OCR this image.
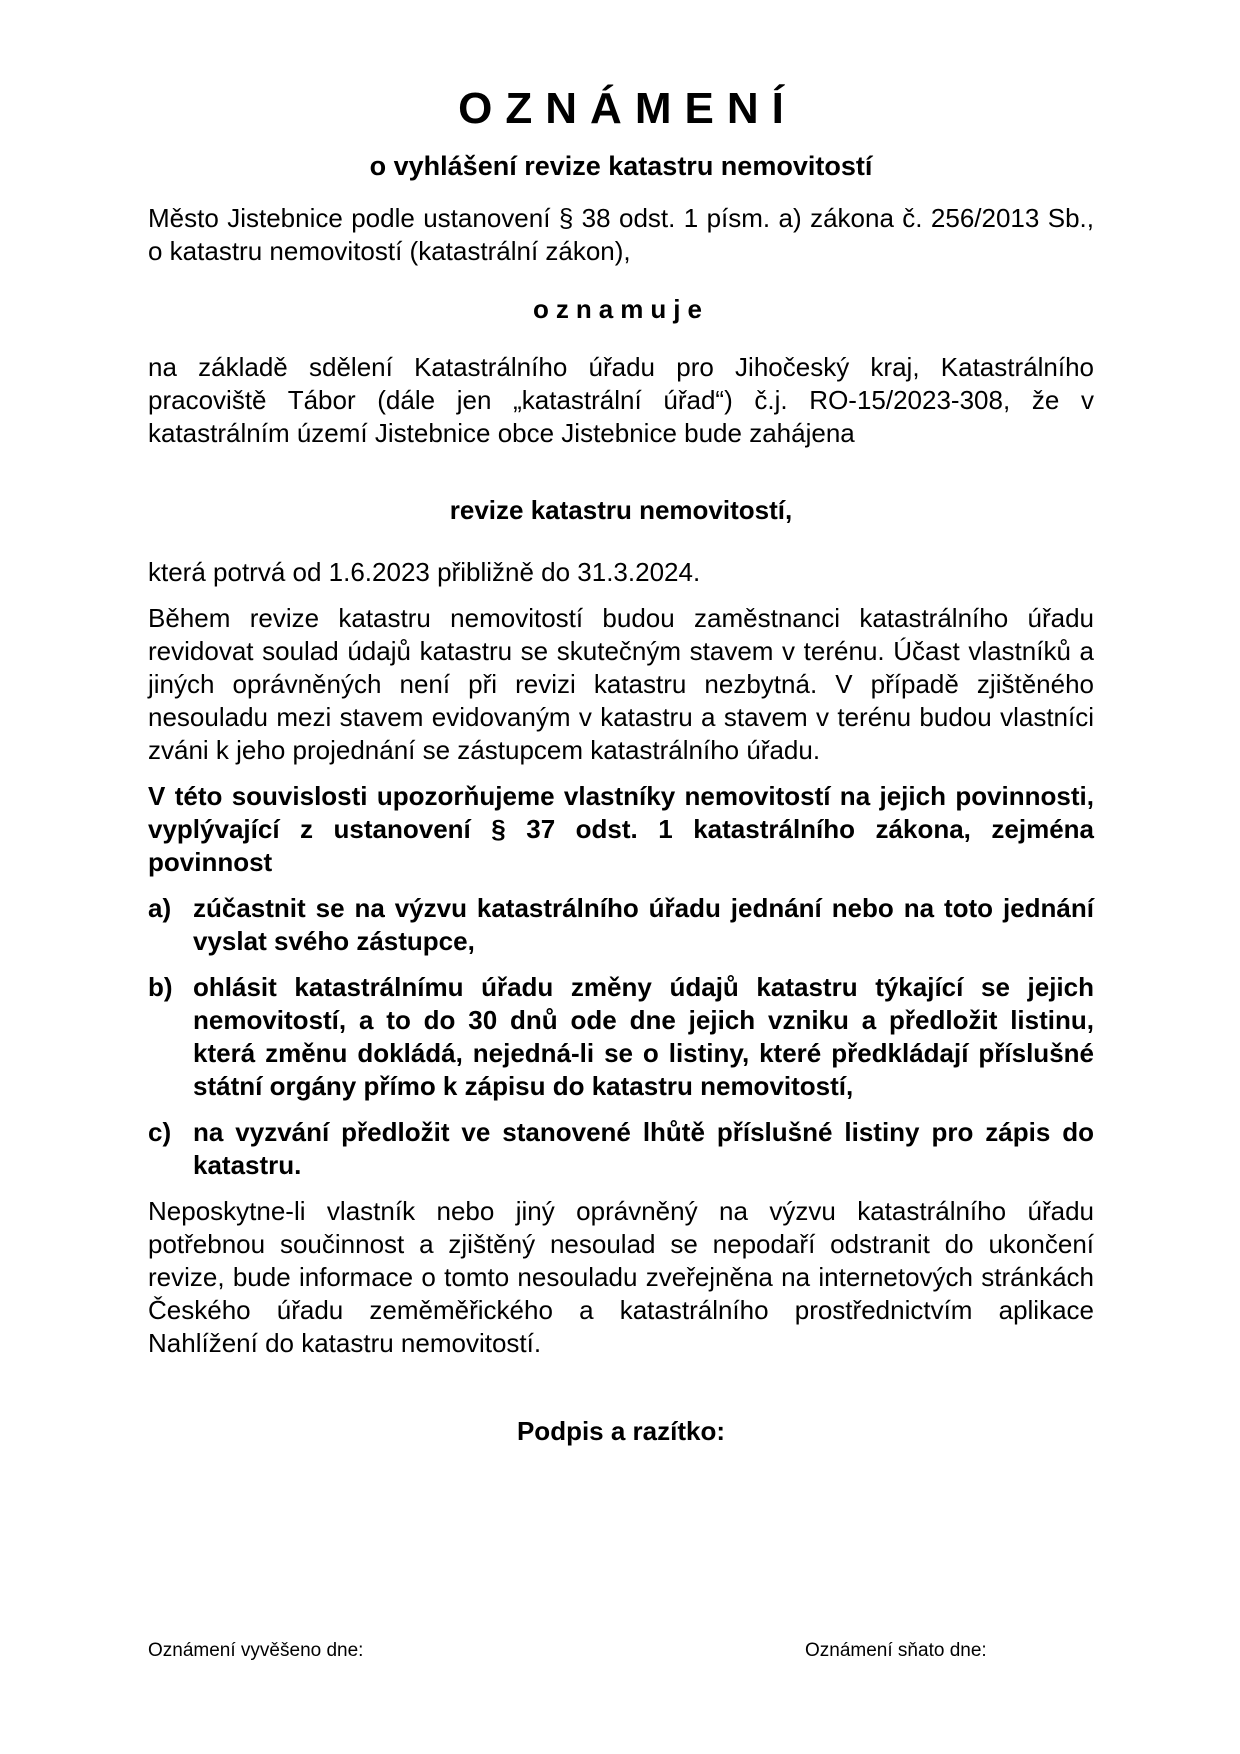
OZNÁMENÍ
o vyhlášení revize katastru nemovitostí

Město Jistebnice podle ustanovení § 38 odst. 1 písm. a) zákona č. 256/2013 Sb., o katastru nemovitostí (katastrální zákon),

oznamuje

na základě sdělení Katastrálního úřadu pro Jihočeský kraj, Katastrálního pracoviště Tábor (dále jen „katastrální úřad“) č.j. RO-15/2023-308, že v katastrálním území Jistebnice obce Jistebnice bude zahájena

revize katastru nemovitostí,

která potrvá od 1.6.2023 přibližně do 31.3.2024.

Během revize katastru nemovitostí budou zaměstnanci katastrálního úřadu revidovat soulad údajů katastru se skutečným stavem v terénu. Účast vlastníků a jiných oprávněných není při revizi katastru nezbytná. V případě zjištěného nesouladu mezi stavem evidovaným v katastru a stavem v terénu budou vlastníci zváni k jeho projednání se zástupcem katastrálního úřadu.

V této souvislosti upozorňujeme vlastníky nemovitostí na jejich povinnosti, vyplývající z ustanovení § 37 odst. 1 katastrálního zákona, zejména povinnost

a) zúčastnit se na výzvu katastrálního úřadu jednání nebo na toto jednání vyslat svého zástupce,
b) ohlásit katastrálnímu úřadu změny údajů katastru týkající se jejich nemovitostí, a to do 30 dnů ode dne jejich vzniku a předložit listinu, která změnu dokládá, nejedná-li se o listiny, které předkládají příslušné státní orgány přímo k zápisu do katastru nemovitostí,
c) na vyzvání předložit ve stanovené lhůtě příslušné listiny pro zápis do katastru.

Neposkytne-li vlastník nebo jiný oprávněný na výzvu katastrálního úřadu potřebnou součinnost a zjištěný nesoulad se nepodaří odstranit do ukončení revize, bude informace o tomto nesouladu zveřejněna na internetových stránkách Českého úřadu zeměměřického a katastrálního prostřednictvím aplikace Nahlížení do katastru nemovitostí.

Podpis a razítko:

Oznámení vyvěšeno dne:	Oznámení sňato dne:
